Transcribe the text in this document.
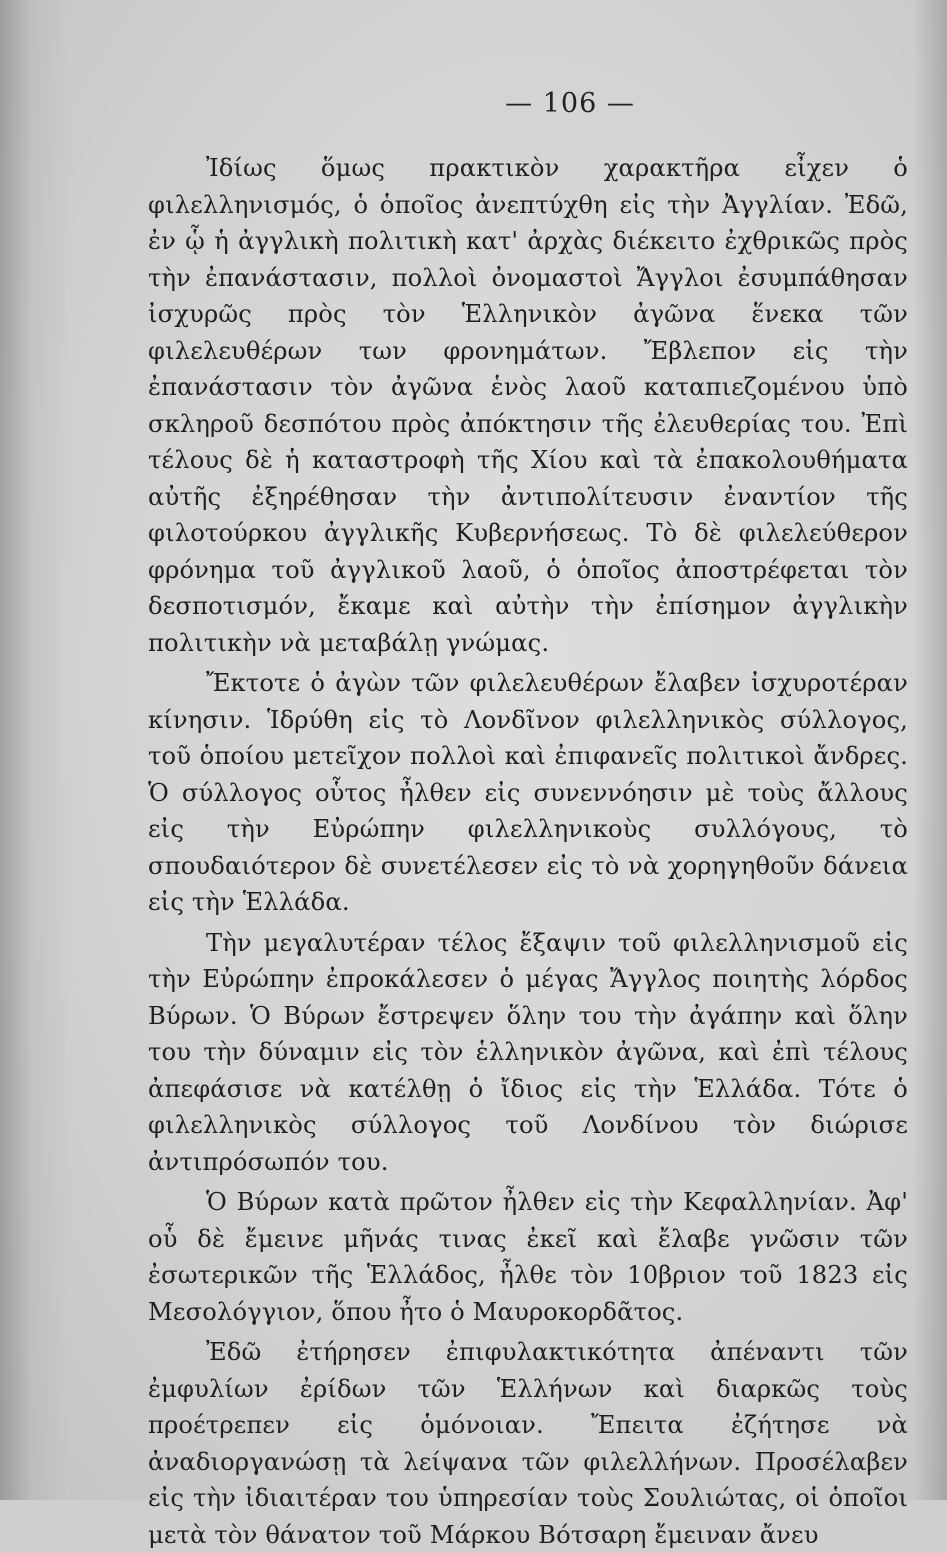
— 106 —

Ἰδίως ὅμως πρακτικὸν χαρακτῆρα εἶχεν ὁ φιλελληνισμός, ὁ ὁποῖος ἀνεπτύχθη εἰς τὴν Ἀγγλίαν. Ἐδῶ, ἐν ᾧ ἡ ἀγγλικὴ πολιτικὴ κατ' ἀρχὰς διέκειτο ἐχθρικῶς πρὸς τὴν ἐπανάστασιν, πολλοὶ ὀνομαστοὶ Ἄγγλοι ἐσυμπάθησαν ἰσχυρῶς πρὸς τὸν Ἑλληνικὸν ἀγῶνα ἕνεκα τῶν φιλελευθέρων των φρονημάτων. Ἔβλεπον εἰς τὴν ἐπανάστασιν τὸν ἀγῶνα ἑνὸς λαοῦ καταπιεζομένου ὑπὸ σκληροῦ δεσπότου πρὸς ἀπόκτησιν τῆς ἐλευθερίας του. Ἐπὶ τέλους δὲ ἡ καταστροφὴ τῆς Χίου καὶ τὰ ἐπακολουθήματα αὐτῆς ἐξηρέθησαν τὴν ἀντιπολίτευσιν ἐναντίον τῆς φιλοτούρκου ἀγγλικῆς Κυβερνήσεως. Τὸ δὲ φιλελεύθερον φρόνημα τοῦ ἀγγλικοῦ λαοῦ, ὁ ὁποῖος ἀποστρέφεται τὸν δεσποτισμόν, ἔκαμε καὶ αὐτὴν τὴν ἐπίσημον ἀγγλικὴν πολιτικὴν νὰ μεταβάλῃ γνώμας.

Ἔκτοτε ὁ ἀγὼν τῶν φιλελευθέρων ἔλαβεν ἰσχυροτέραν κίνησιν. Ἱδρύθη εἰς τὸ Λονδῖνον φιλελληνικὸς σύλλογος, τοῦ ὁποίου μετεῖχον πολλοὶ καὶ ἐπιφανεῖς πολιτικοὶ ἄνδρες. Ὁ σύλλογος οὗτος ἦλθεν εἰς συνεννόησιν μὲ τοὺς ἄλλους εἰς τὴν Εὐρώπην φιλελληνικοὺς συλλόγους, τὸ σπουδαιότερον δὲ συνετέλεσεν εἰς τὸ νὰ χορηγηθοῦν δάνεια εἰς τὴν Ἑλλάδα.

Τὴν μεγαλυτέραν τέλος ἔξαψιν τοῦ φιλελληνισμοῦ εἰς τὴν Εὐρώπην ἐπροκάλεσεν ὁ μέγας Ἄγγλος ποιητὴς λόρδος Βύρων. Ὁ Βύρων ἔστρεψεν ὅλην του τὴν ἀγάπην καὶ ὅλην του τὴν δύναμιν εἰς τὸν ἑλληνικὸν ἀγῶνα, καὶ ἐπὶ τέλους ἀπεφάσισε νὰ κατέλθῃ ὁ ἴδιος εἰς τὴν Ἑλλάδα. Τότε ὁ φιλελληνικὸς σύλλογος τοῦ Λονδίνου τὸν διώρισε ἀντιπρόσωπόν του.

Ὁ Βύρων κατὰ πρῶτον ἦλθεν εἰς τὴν Κεφαλληνίαν. Ἀφ' οὗ δὲ ἔμεινε μῆνάς τινας ἐκεῖ καὶ ἔλαβε γνῶσιν τῶν ἐσωτερικῶν τῆς Ἑλλάδος, ἦλθε τὸν 10βριον τοῦ 1823 εἰς Μεσολόγγιον, ὅπου ἦτο ὁ Μαυροκορδᾶτος.

Ἐδῶ ἐτήρησεν ἐπιφυλακτικότητα ἀπέναντι τῶν ἐμφυλίων ἐρίδων τῶν Ἑλλήνων καὶ διαρκῶς τοὺς προέτρεπεν εἰς ὁμόνοιαν. Ἔπειτα ἐζήτησε νὰ ἀναδιοργανώσῃ τὰ λείψανα τῶν φιλελλήνων. Προσέλαβεν εἰς τὴν ἰδιαιτέραν του ὑπηρεσίαν τοὺς Σουλιώτας, οἱ ὁποῖοι μετὰ τὸν θάνατον τοῦ Μάρκου Βότσαρη ἔμειναν ἄνευ
